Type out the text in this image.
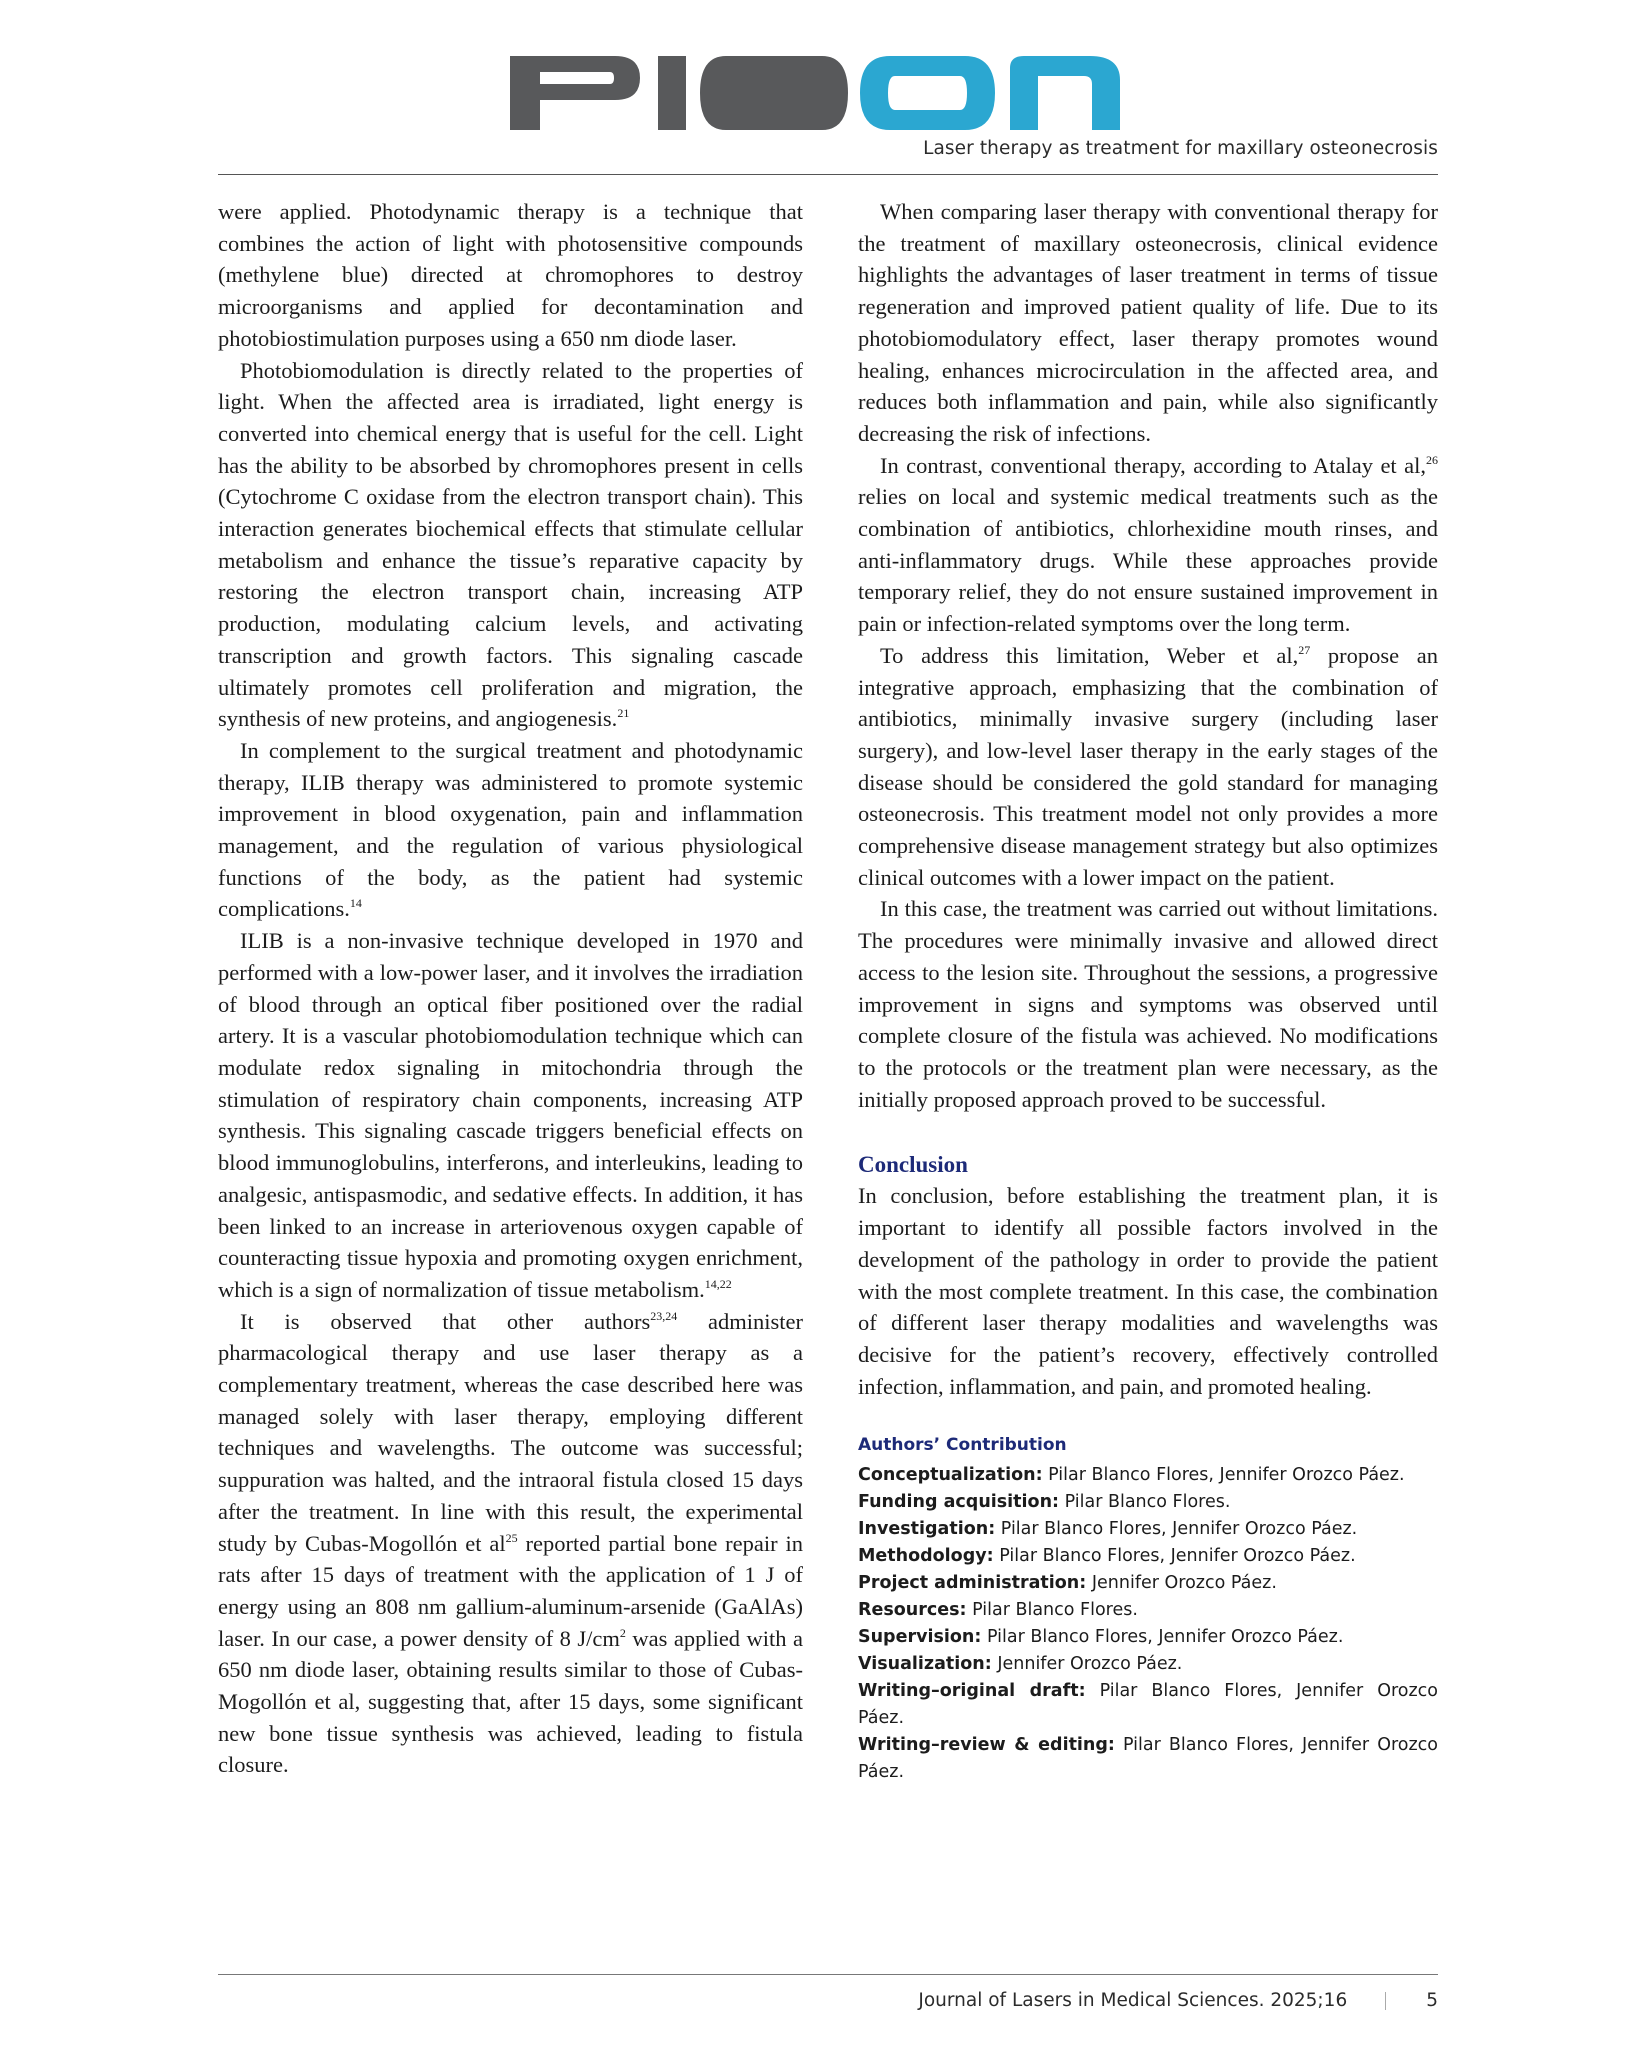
PIOON
Laser therapy as treatment for maxillary osteonecrosis

were applied. Photodynamic therapy is a technique that combines the action of light with photosensitive compounds (methylene blue) directed at chromophores to destroy microorganisms and applied for decontamination and photobiostimulation purposes using a 650 nm diode laser.

Photobiomodulation is directly related to the properties of light. When the affected area is irradiated, light energy is converted into chemical energy that is useful for the cell. Light has the ability to be absorbed by chromophores present in cells (Cytochrome C oxidase from the electron transport chain). This interaction generates biochemical effects that stimulate cellular metabolism and enhance the tissue’s reparative capacity by restoring the electron transport chain, increasing ATP production, modulating calcium levels, and activating transcription and growth factors. This signaling cascade ultimately promotes cell proliferation and migration, the synthesis of new proteins, and angiogenesis.$^{21}$

In complement to the surgical treatment and photodynamic therapy, ILIB therapy was administered to promote systemic improvement in blood oxygenation, pain and inflammation management, and the regulation of various physiological functions of the body, as the patient had systemic complications.$^{14}$

ILIB is a non-invasive technique developed in 1970 and performed with a low-power laser, and it involves the irradiation of blood through an optical fiber positioned over the radial artery. It is a vascular photobiomodulation technique which can modulate redox signaling in mitochondria through the stimulation of respiratory chain components, increasing ATP synthesis. This signaling cascade triggers beneficial effects on blood immunoglobulins, interferons, and interleukins, leading to analgesic, antispasmodic, and sedative effects. In addition, it has been linked to an increase in arteriovenous oxygen capable of counteracting tissue hypoxia and promoting oxygen enrichment, which is a sign of normalization of tissue metabolism.$^{14,22}$

It is observed that other authors$^{23,24}$ administer pharmacological therapy and use laser therapy as a complementary treatment, whereas the case described here was managed solely with laser therapy, employing different techniques and wavelengths. The outcome was successful; suppuration was halted, and the intraoral fistula closed 15 days after the treatment. In line with this result, the experimental study by Cubas-Mogollón et $al^{25}$ reported partial bone repair in rats after 15 days of treatment with the application of 1 J of energy using an 808 nm gallium-aluminum-arsenide (GaAlAs) laser. In our case, a power density of 8 $J/cm^2$ was applied with a 650 nm diode laser, obtaining results similar to those of Cubas-Mogollón et al, suggesting that, after 15 days, some significant new bone tissue synthesis was achieved, leading to fistula closure.

When comparing laser therapy with conventional therapy for the treatment of maxillary osteonecrosis, clinical evidence highlights the advantages of laser treatment in terms of tissue regeneration and improved patient quality of life. Due to its photobiomodulatory effect, laser therapy promotes wound healing, enhances microcirculation in the affected area, and reduces both inflammation and pain, while also significantly decreasing the risk of infections.

In contrast, conventional therapy, according to Atalay et al,$^{26}$ relies on local and systemic medical treatments such as the combination of antibiotics, chlorhexidine mouth rinses, and anti-inflammatory drugs. While these approaches provide temporary relief, they do not ensure sustained improvement in pain or infection-related symptoms over the long term.

To address this limitation, Weber et al,$^{27}$ propose an integrative approach, emphasizing that the combination of antibiotics, minimally invasive surgery (including laser surgery), and low-level laser therapy in the early stages of the disease should be considered the gold standard for managing osteonecrosis. This treatment model not only provides a more comprehensive disease management strategy but also optimizes clinical outcomes with a lower impact on the patient.

In this case, the treatment was carried out without limitations. The procedures were minimally invasive and allowed direct access to the lesion site. Throughout the sessions, a progressive improvement in signs and symptoms was observed until complete closure of the fistula was achieved. No modifications to the protocols or the treatment plan were necessary, as the initially proposed approach proved to be successful.

Conclusion

In conclusion, before establishing the treatment plan, it is important to identify all possible factors involved in the development of the pathology in order to provide the patient with the most complete treatment. In this case, the combination of different laser therapy modalities and wavelengths was decisive for the patient’s recovery, effectively controlled infection, inflammation, and pain, and promoted healing.

Authors’ Contribution
Conceptualization: Pilar Blanco Flores, Jennifer Orozco Páez.
Funding acquisition: Pilar Blanco Flores.
Investigation: Pilar Blanco Flores, Jennifer Orozco Páez.
Methodology: Pilar Blanco Flores, Jennifer Orozco Páez.
Project administration: Jennifer Orozco Páez.
Resources: Pilar Blanco Flores.
Supervision: Pilar Blanco Flores, Jennifer Orozco Páez.
Visualization: Jennifer Orozco Páez.
Writing–original draft: Pilar Blanco Flores, Jennifer Orozco Páez.
Writing–review & editing: Pilar Blanco Flores, Jennifer Orozco Páez.
Journal of Lasers in Medical Sciences. 2025;16	5
